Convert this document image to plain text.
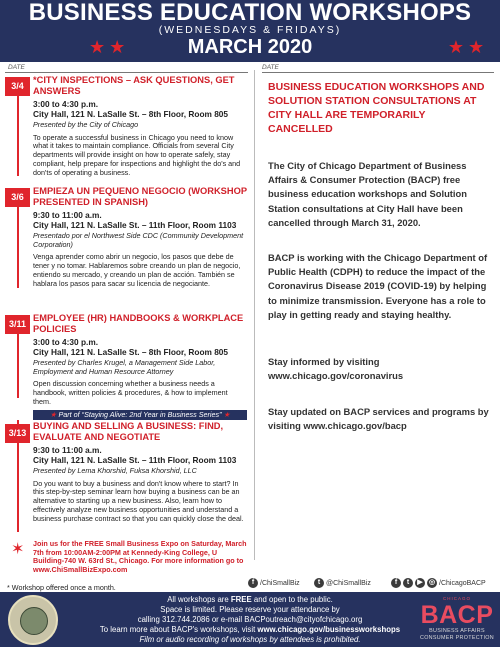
BUSINESS EDUCATION WORKSHOPS
(WEDNESDAYS & FRIDAYS)
MARCH 2020
★★	★★
DATE	DATE
3/4
*CITY INSPECTIONS – ASK QUESTIONS, GET ANSWERS
3:00 to 4:30 p.m.
City Hall, 121 N. LaSalle St. – 8th Floor, Room 805
Presented by the City of Chicago
To operate a successful business in Chicago you need to know what it takes to maintain compliance. Officials from several City departments will provide insight on how to operate safely, stay compliant, help prepare for inspections and highlight the do's and don'ts of operating a business.
3/6
EMPIEZA UN PEQUENO NEGOCIO (WORKSHOP PRESENTED IN SPANISH)
9:30 to 11:00 a.m.
City Hall, 121 N. LaSalle St. – 11th Floor, Room 1103
Presentado por el Northwest Side CDC (Community Development Corporation)
Venga aprender como abrir un negocio, los pasos que debe de tener y no tomar. Hablaremos sobre creando un plan de negocio, entiendo su mercado, y creando un plan de acción. También se hablara los pasos para sacar su licencia de negociante.
3/11
EMPLOYEE (HR) HANDBOOKS & WORKPLACE POLICIES
3:00 to 4:30 p.m.
City Hall, 121 N. LaSalle St. – 8th Floor, Room 805
Presented by Charles Krugel, a Management Side Labor, Employment and Human Resource Attorney
Open discussion concerning whether a business needs a handbook, written policies & procedures, & how to implement them.
★ Part of “Staying Alive: 2nd Year in Business Series” ★
3/13
BUYING AND SELLING A BUSINESS: FIND, EVALUATE AND NEGOTIATE
9:30 to 11:00 a.m.
City Hall, 121 N. LaSalle St. – 11th Floor, Room 1103
Presented by Lema Khorshid, Fuksa Khorshid, LLC
Do you want to buy a business and don't know where to start? In this step-by-step seminar learn how buying a business can be an alternative to starting up a new business. Also, learn how to effectively analyze new business opportunities and understand a business purchase contract so that you can quickly close the deal.
✶ Join us for the FREE Small Business Expo on Saturday, March 7th from 10:00AM-2:00PM at Kennedy-King College, U Building-740 W. 63rd St., Chicago. For more information go to www.ChiSmallBizExpo.com
BUSINESS EDUCATION WORKSHOPS AND SOLUTION STATION CONSULTATIONS AT CITY HALL ARE TEMPORARILY CANCELLED
The City of Chicago Department of Business Affairs & Consumer Protection (BACP) free business education workshops and Solution Station consultations at City Hall have been cancelled through March 31, 2020.
BACP is working with the Chicago Department of Public Health (CDPH) to reduce the impact of the Coronavirus Disease 2019 (COVID-19) by helping to minimize transmission. Everyone has a role to play in getting ready and staying healthy.
Stay informed by visiting www.chicago.gov/coronavirus
Stay updated on BACP services and programs by visiting www.chicago.gov/bacp
* Workshop offered once a month.
f /ChiSmallBiz	t @ChiSmallBiz	f	t	▶ ◎ /ChicagoBACP
All workshops are FREE and open to the public.
Space is limited. Please reserve your attendance by
calling 312.744.2086 or e-mail BACPoutreach@cityofchicago.org
To learn more about BACP's workshops, visit www.chicago.gov/businessworkshops
Film or audio recording of workshops by attendees is prohibited.
CHICAGO
BACP
BUSINESS AFFAIRS
CONSUMER PROTECTION
